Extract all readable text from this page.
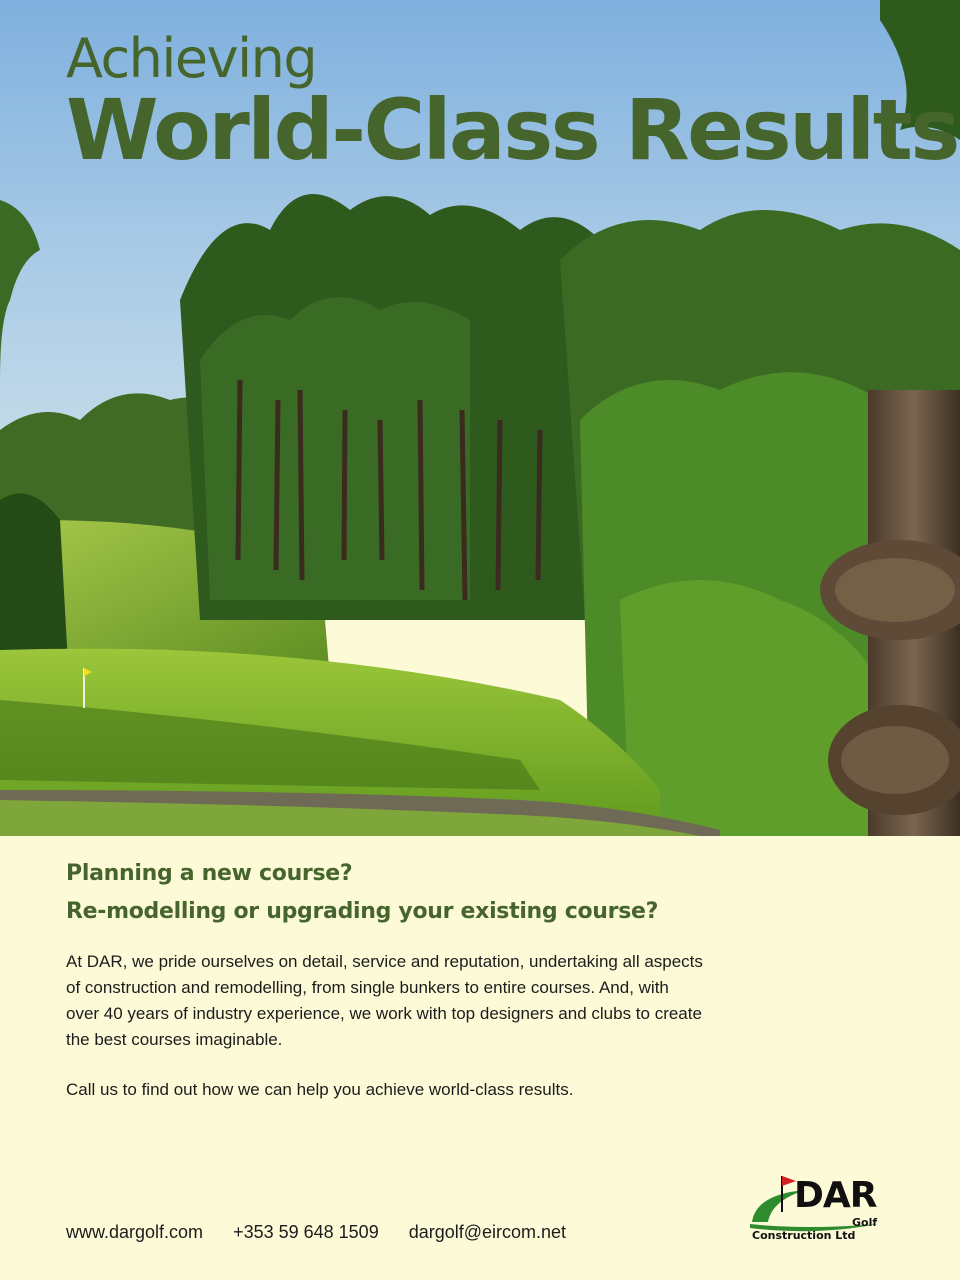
Achieving
World-Class Results

Planning a new course?

Re-modelling or upgrading your existing course?

At DAR, we pride ourselves on detail, service and reputation, undertaking all aspects of construction and remodelling, from single bunkers to entire courses. And, with over 40 years of industry experience, we work with top designers and clubs to create the best courses imaginable.

Call us to find out how we can help you achieve world-class results.

www.dargolf.com +353 59 648 1509 dargolf@eircom.net
DAR
Golf
Construction Ltd
